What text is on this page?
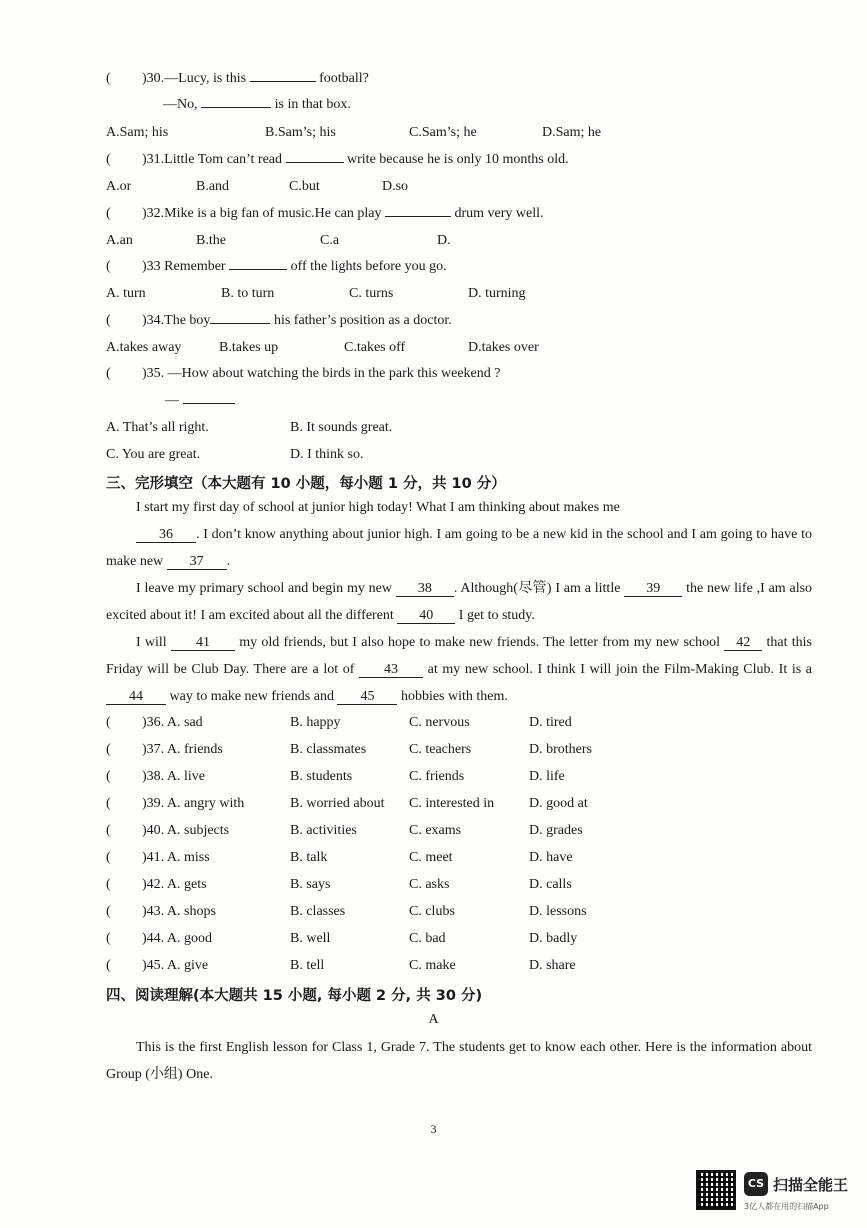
( )30.—Lucy, is this	football?
—No,	is in that box.
A.Sam; his	B.Sam’s; his	C.Sam’s; he	D.Sam; he
( )31.Little Tom can’t read	write because he is only 10 months old.
A.or	B.and	C.but	D.so
( )32.Mike is a big fan of music.He can play	drum very well.
A.an	B.the	C.a	D.
( )33 Remember	off the lights before you go.
A. turn	B. to turn	C. turns	D. turning
( )34.The boy	his father’s position as a doctor.
A.takes away	B.takes up	C.takes off	D.takes over
( )35. —How about watching the birds in the park this weekend ?
—
A. That’s all right.	B. It sounds great.
C. You are great.	D. I think so.
三、完形填空（本大题有 10 小题，每小题 1 分，共 10 分）
I start my first day of school at junior high today! What I am thinking about makes me
36 . I don’t know anything about junior high. I am going to be a new kid in the school and I am going to have to make new 37 .
I leave my primary school and begin my new 38 . Although(尽管) I am a little 39 the new life ,I am also excited about it! I am excited about all the different 40 I get to study.
I will 41 my old friends, but I also hope to make new friends. The letter from my new school 42 that this Friday will be Club Day. There are a lot of 43 at my new school. I think I will join the Film-Making Club. It is a 44 way to make new friends and 45 hobbies with them.
( )36. A. sad	B. happy	C. nervous	D. tired
( )37. A. friends	B. classmates	C. teachers	D. brothers
( )38. A. live	B. students	C. friends	D. life
( )39. A. angry with	B. worried about C. interested in D. good at
( )40. A. subjects	B. activities	C. exams	D. grades
( )41. A. miss	B. talk	C. meet	D. have
( )42. A. gets	B. says	C. asks	D. calls
( )43. A. shops	B. classes	C. clubs	D. lessons
( )44. A. good	B. well	C. bad	D. badly
( )45. A. give	B. tell	C. make	D. share
四、阅读理解(本大题共 15 小题, 每小题 2 分, 共 30 分)
A
This is the first English lesson for Class 1, Grade 7. The students get to know each other. Here is the information about Group (小组) One.
3
CS 扫描全能王
3亿人都在用的扫描App
